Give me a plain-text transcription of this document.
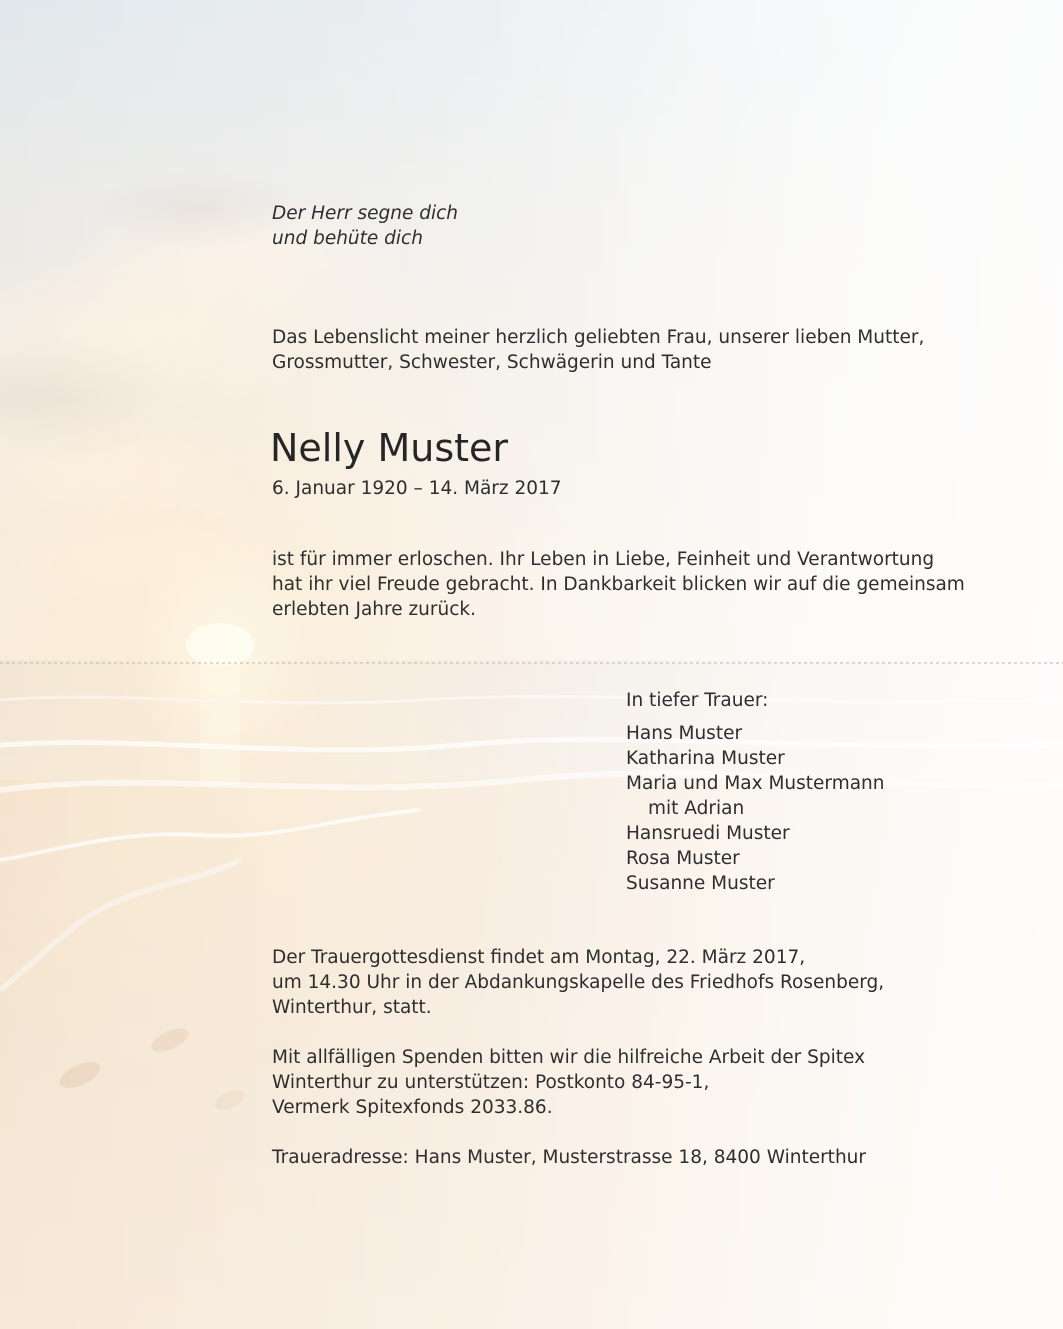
Der Herr segne dich
und behüte dich
Das Lebenslicht meiner herzlich geliebten Frau, unserer lieben Mutter,
Grossmutter, Schwester, Schwägerin und Tante
Nelly Muster
6. Januar 1920 – 14. März 2017
ist für immer erloschen. Ihr Leben in Liebe, Feinheit und Verantwortung
hat ihr viel Freude gebracht. In Dankbarkeit blicken wir auf die gemeinsam
erlebten Jahre zurück.
In tiefer Trauer:
Hans Muster
Katharina Muster
Maria und Max Mustermann
mit Adrian
Hansruedi Muster
Rosa Muster
Susanne Muster
Der Trauergottesdienst findet am Montag, 22. März 2017,
um 14.30 Uhr in der Abdankungskapelle des Friedhofs Rosenberg,
Winterthur, statt.
Mit allfälligen Spenden bitten wir die hilfreiche Arbeit der Spitex
Winterthur zu unterstützen: Postkonto 84-95-1,
Vermerk Spitexfonds 2033.86.
Traueradresse: Hans Muster, Musterstrasse 18, 8400 Winterthur
